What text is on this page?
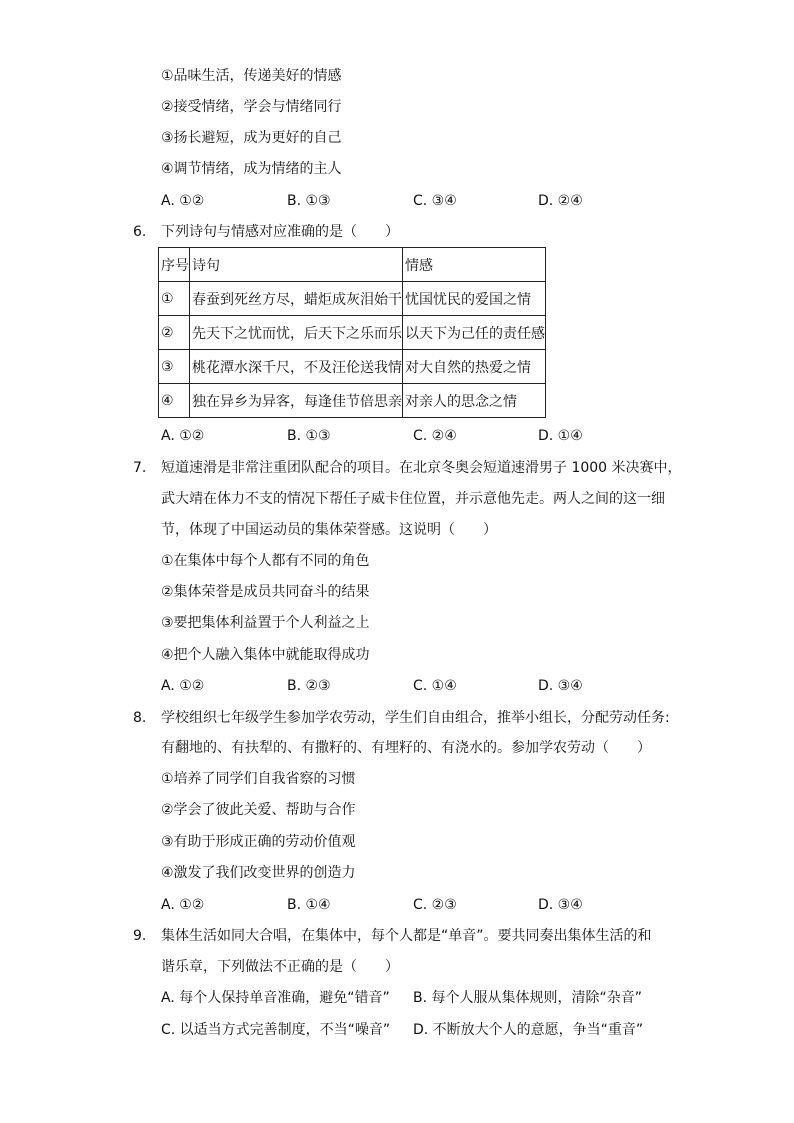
①品味生活，传递美好的情感
②接受情绪，学会与情绪同行
③扬长避短，成为更好的自己
④调节情绪，成为情绪的主人
A. ①②	B. ①③	C. ③④	D. ②④
6. 下列诗句与情感对应准确的是（　　）
序号	诗句	情感
①	春蚕到死丝方尽，蜡炬成灰泪始干	忧国忧民的爱国之情
②	先天下之忧而忧，后天下之乐而乐	以天下为己任的责任感
③	桃花潭水深千尺，不及汪伦送我情	对大自然的热爱之情
④	独在异乡为异客，每逢佳节倍思亲	对亲人的思念之情
A. ①②	B. ①③	C. ②④	D. ①④
7. 短道速滑是非常注重团队配合的项目。在北京冬奥会短道速滑男子 1000 米决赛中，
武大靖在体力不支的情况下帮任子威卡住位置，并示意他先走。两人之间的这一细
节，体现了中国运动员的集体荣誉感。这说明（　　）
①在集体中每个人都有不同的角色
②集体荣誉是成员共同奋斗的结果
③要把集体利益置于个人利益之上
④把个人融入集体中就能取得成功
A. ①②	B. ②③	C. ①④	D. ③④
8. 学校组织七年级学生参加学农劳动，学生们自由组合，推举小组长，分配劳动任务:
有翻地的、有扶犁的、有撒籽的、有埋籽的、有浇水的。参加学农劳动（　　）
①培养了同学们自我省察的习惯
②学会了彼此关爱、帮助与合作
③有助于形成正确的劳动价值观
④激发了我们改变世界的创造力
A. ①②	B. ①④	C. ②③	D. ③④
9. 集体生活如同大合唱，在集体中，每个人都是“单音”。要共同奏出集体生活的和
谐乐章，下列做法不正确的是（　　）
A. 每个人保持单音准确，避免“错音” B. 每个人服从集体规则，清除“杂音”
C. 以适当方式完善制度，不当“噪音” D. 不断放大个人的意愿，争当“重音”
